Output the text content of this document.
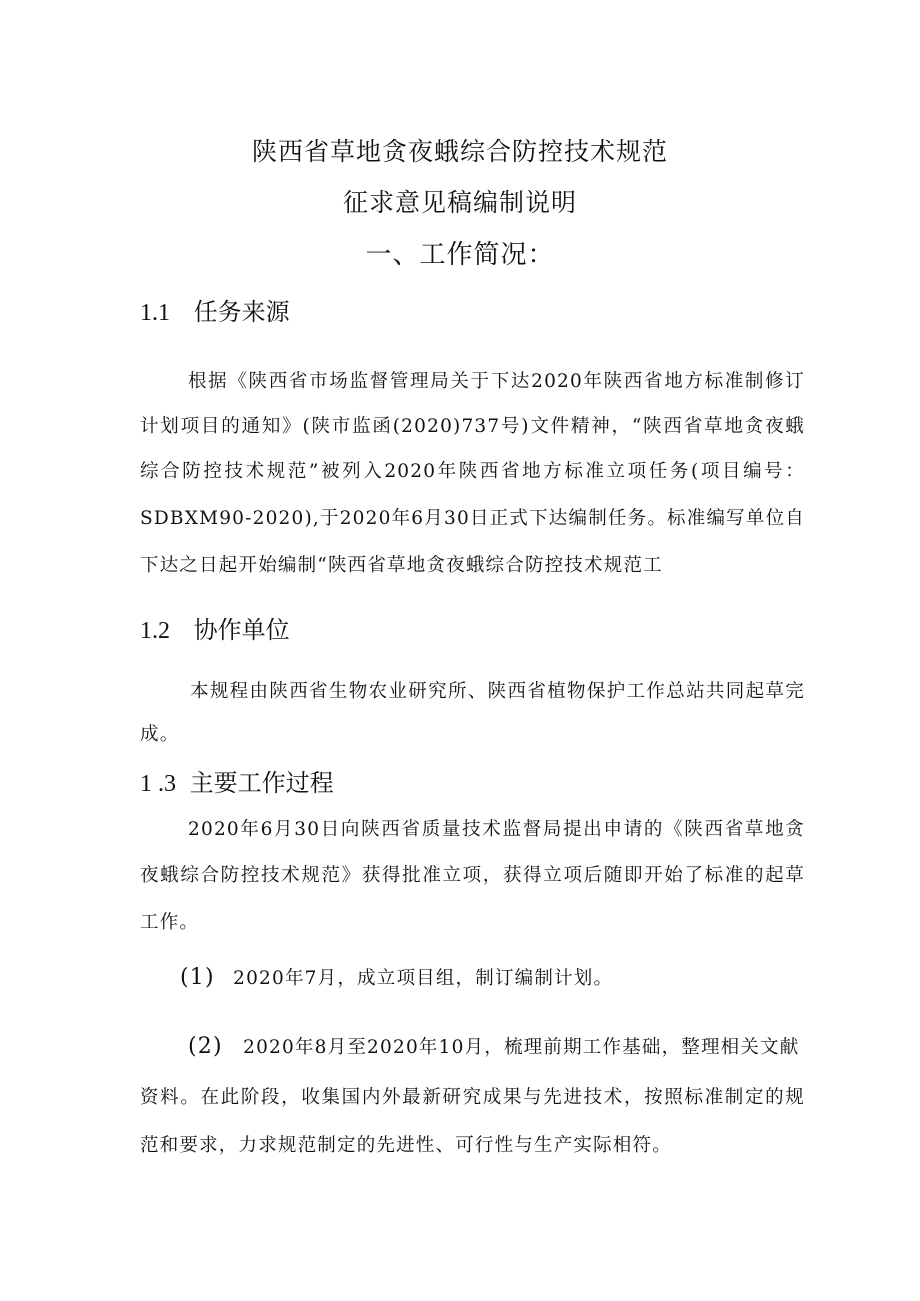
陕西省草地贪夜蛾综合防控技术规范
征求意见稿编制说明
一、工作简况：
1.1 任务来源
根据《陕西省市场监督管理局关于下达2020年陕西省地方标准制修订
计划项目的通知》(陕市监函(2020)737号)文件精神，“陕西省草地贪夜蛾
综合防控技术规范”被列入2020年陕西省地方标准立项任务(项目编号：
SDBXM90-2020),于2020年6月30日正式下达编制任务。标准编写单位自
下达之日起开始编制“陕西省草地贪夜蛾综合防控技术规范工
1.2 协作单位
本规程由陕西省生物农业研究所、陕西省植物保护工作总站共同起草完
成。
1 .3 主要工作过程
2020年6月30日向陕西省质量技术监督局提出申请的《陕西省草地贪
夜蛾综合防控技术规范》获得批准立项，获得立项后随即开始了标准的起草
工作。
(1) 2020年7月，成立项目组，制订编制计划。
(2) 2020年8月至2020年10月，梳理前期工作基础，整理相关文献
资料。在此阶段，收集国内外最新研究成果与先进技术，按照标准制定的规
范和要求，力求规范制定的先进性、可行性与生产实际相符。
